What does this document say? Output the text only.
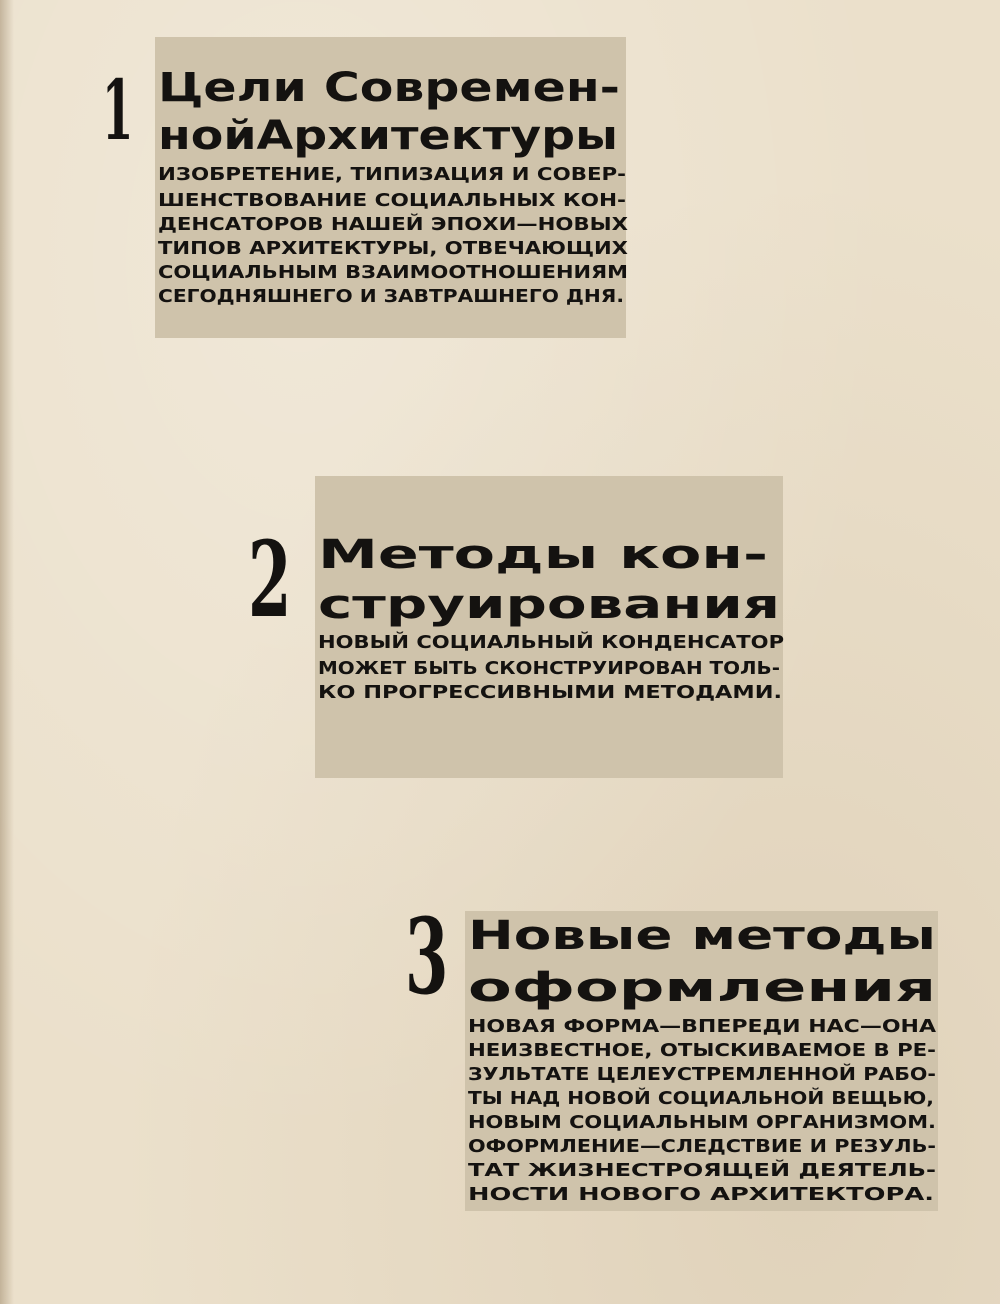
1 Цели Современ-
нойАрхитектуры
ИЗОБРЕТЕНИЕ, ТИПИЗАЦИЯ И СОВЕР-
ШЕНСТВОВАНИЕ СОЦИАЛЬНЫХ КОН-
ДЕНСАТОРОВ НАШЕЙ ЭПОХИ—НОВЫХ
ТИПОВ АРХИТЕКТУРЫ, ОТВЕЧАЮЩИХ
СОЦИАЛЬНЫМ ВЗАИМООТНОШЕНИЯМ
СЕГОДНЯШНЕГО И ЗАВТРАШНЕГО ДНЯ.
2 Методы кон-
струирования
НОВЫЙ СОЦИАЛЬНЫЙ КОНДЕНСАТОР
МОЖЕТ БЫТЬ СКОНСТРУИРОВАН ТОЛЬ-
КО ПРОГРЕССИВНЫМИ МЕТОДАМИ.
3 Новые методы
оформления
НОВАЯ ФОРМА—ВПЕРЕДИ НАС—ОНА
НЕИЗВЕСТНОЕ, ОТЫСКИВАЕМОЕ В РЕ-
ЗУЛЬТАТЕ ЦЕЛЕУСТРЕМЛЕННОЙ РАБО-
ТЫ НАД НОВОЙ СОЦИАЛЬНОЙ ВЕЩЬЮ,
НОВЫМ СОЦИАЛЬНЫМ ОРГАНИЗМОМ.
ОФОРМЛЕНИЕ—СЛЕДСТВИЕ И РЕЗУЛЬ-
ТАТ ЖИЗНЕСТРОЯЩЕЙ ДЕЯТЕЛЬ-
НОСТИ НОВОГО АРХИТЕКТОРА.
